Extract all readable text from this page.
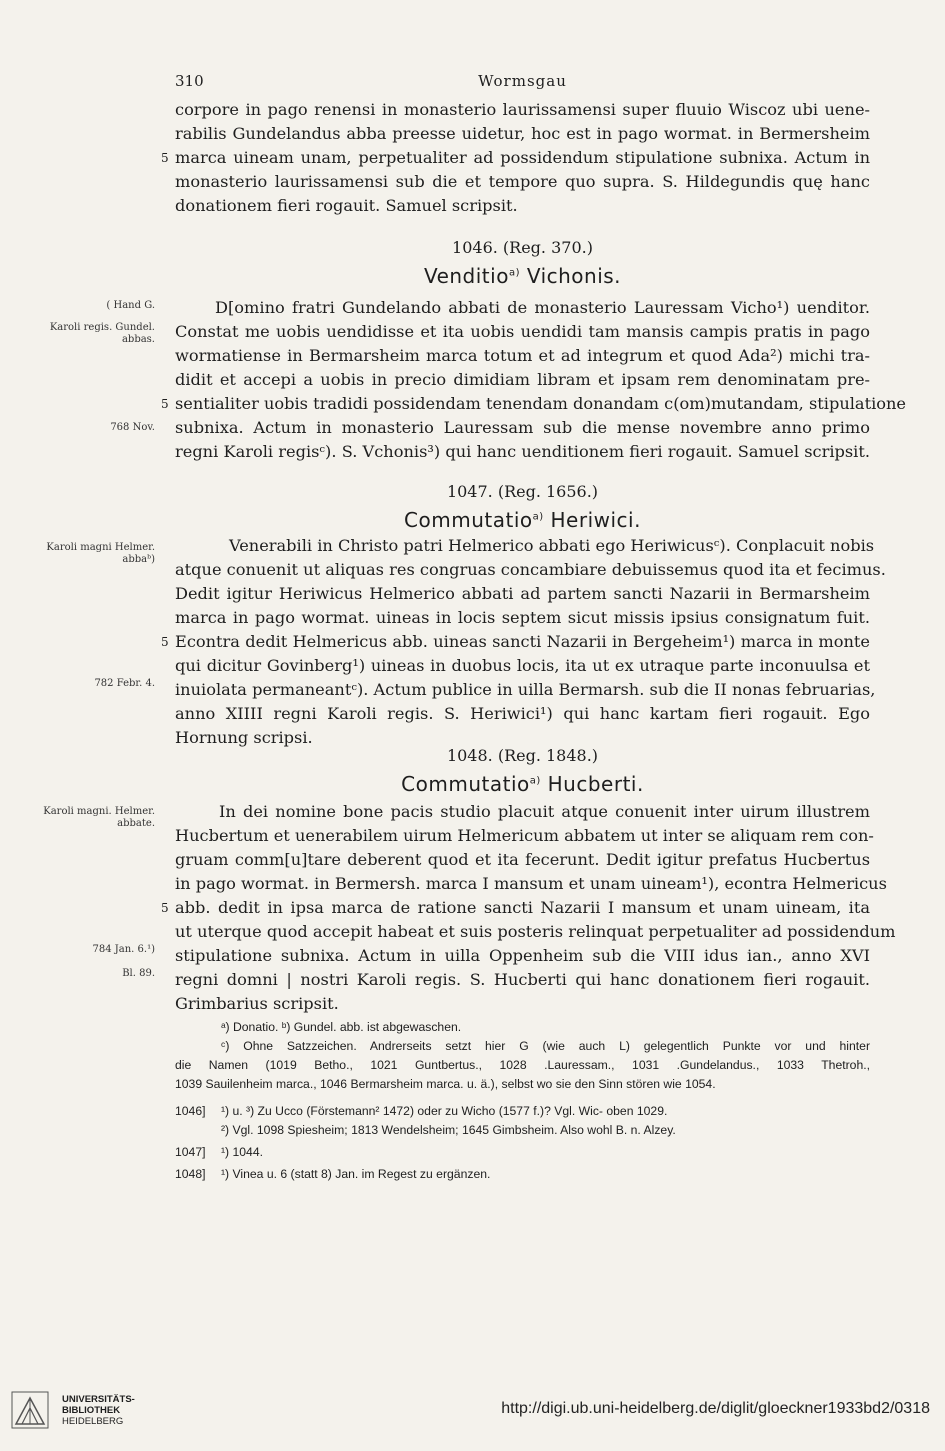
310	Wormsgau
corpore in pago renensi in monasterio laurissamensi super fluuio Wiscoz ubi uene-
rabilis Gundelandus abba preesse uidetur, hoc est in pago wormat. in Bermersheim
5 marca uineam unam, perpetualiter ad possidendum stipulatione subnixa. Actum in
monasterio laurissamensi sub die et tempore quo supra. S. Hildegundis quę hanc
donationem fieri rogauit. Samuel scripsit.
1046. (Reg. 370.)
Venditio$^{a)}$ Vichonis.
( Hand G.
Karoli regis. Gundel. abbas.
768 Nov.
D[omino fratri Gundelando abbati de monasterio Lauressam Vicho¹) uenditor.
Constat me uobis uendidisse et ita uobis uendidi tam mansis campis pratis in pago
wormatiense in Bermarsheim marca totum et ad integrum et quod Ada²) michi tra-
didit et accepi a uobis in precio dimidiam libram et ipsam rem denominatam pre-
5 sentialiter uobis tradidi possidendam tenendam donandam c(om)mutandam, stipulatione
subnixa. Actum in monasterio Lauressam sub die mense novembre anno primo
regni Karoli regisᶜ). S. Vchonis³) qui hanc uenditionem fieri rogauit. Samuel scripsit.
1047. (Reg. 1656.)
Commutatio$^{a)}$ Heriwici.
Karoli magni Helmer. abbaᵇ)
782 Febr. 4.
Venerabili in Christo patri Helmerico abbati ego Heriwicusᶜ). Conplacuit nobis
atque conuenit ut aliquas res congruas concambiare debuissemus quod ita et fecimus.
Dedit igitur Heriwicus Helmerico abbati ad partem sancti Nazarii in Bermarsheim
marca in pago wormat. uineas in locis septem sicut missis ipsius consignatum fuit.
5 Econtra dedit Helmericus abb. uineas sancti Nazarii in Bergeheim¹) marca in monte
qui dicitur Govinberg¹) uineas in duobus locis, ita ut ex utraque parte inconuulsa et
inuiolata permaneantᶜ). Actum publice in uilla Bermarsh. sub die II nonas februarias,
anno XIIII regni Karoli regis. S. Heriwici¹) qui hanc kartam fieri rogauit. Ego
Hornung scripsi.
1048. (Reg. 1848.)
Commutatio$^{a)}$ Hucberti.
Karoli magni. Helmer. abbate.
784 Jan. 6.¹)
Bl. 89.
In dei nomine bone pacis studio placuit atque conuenit inter uirum illustrem
Hucbertum et uenerabilem uirum Helmericum abbatem ut inter se aliquam rem con-
gruam comm[u]tare deberent quod et ita fecerunt. Dedit igitur prefatus Hucbertus
in pago wormat. in Bermersh. marca I mansum et unam uineam¹), econtra Helmericus
5 abb. dedit in ipsa marca de ratione sancti Nazarii I mansum et unam uineam, ita
ut uterque quod accepit habeat et suis posteris relinquat perpetualiter ad possidendum
stipulatione subnixa. Actum in uilla Oppenheim sub die VIII idus ian., anno XVI
regni domni | nostri Karoli regis. S. Hucberti qui hanc donationem fieri rogauit.
Grimbarius scripsit.
ᵃ) Donatio. ᵇ) Gundel. abb. ist abgewaschen.
ᶜ) Ohne Satzzeichen. Andrerseits setzt hier G (wie auch L) gelegentlich Punkte vor und hinter
die Namen (1019 Betho., 1021 Guntbertus., 1028 .Lauressam., 1031 .Gundelandus., 1033 Thetroh.,
1039 Sauilenheim marca., 1046 Bermarsheim marca. u. ä.), selbst wo sie den Sinn stören wie 1054.
1046] ¹) u. ³) Zu Ucco (Förstemann² 1472) oder zu Wicho (1577 f.)? Vgl. Wic- oben 1029.
²) Vgl. 1098 Spiesheim; 1813 Wendelsheim; 1645 Gimbsheim. Also wohl B. n. Alzey.
1047] ¹) 1044.
1048] ¹) Vinea u. 6 (statt 8) Jan. im Regest zu ergänzen.
UNIVERSITÄTS-
BIBLIOTHEK
HEIDELBERG
http://digi.ub.uni-heidelberg.de/diglit/gloeckner1933bd2/0318
